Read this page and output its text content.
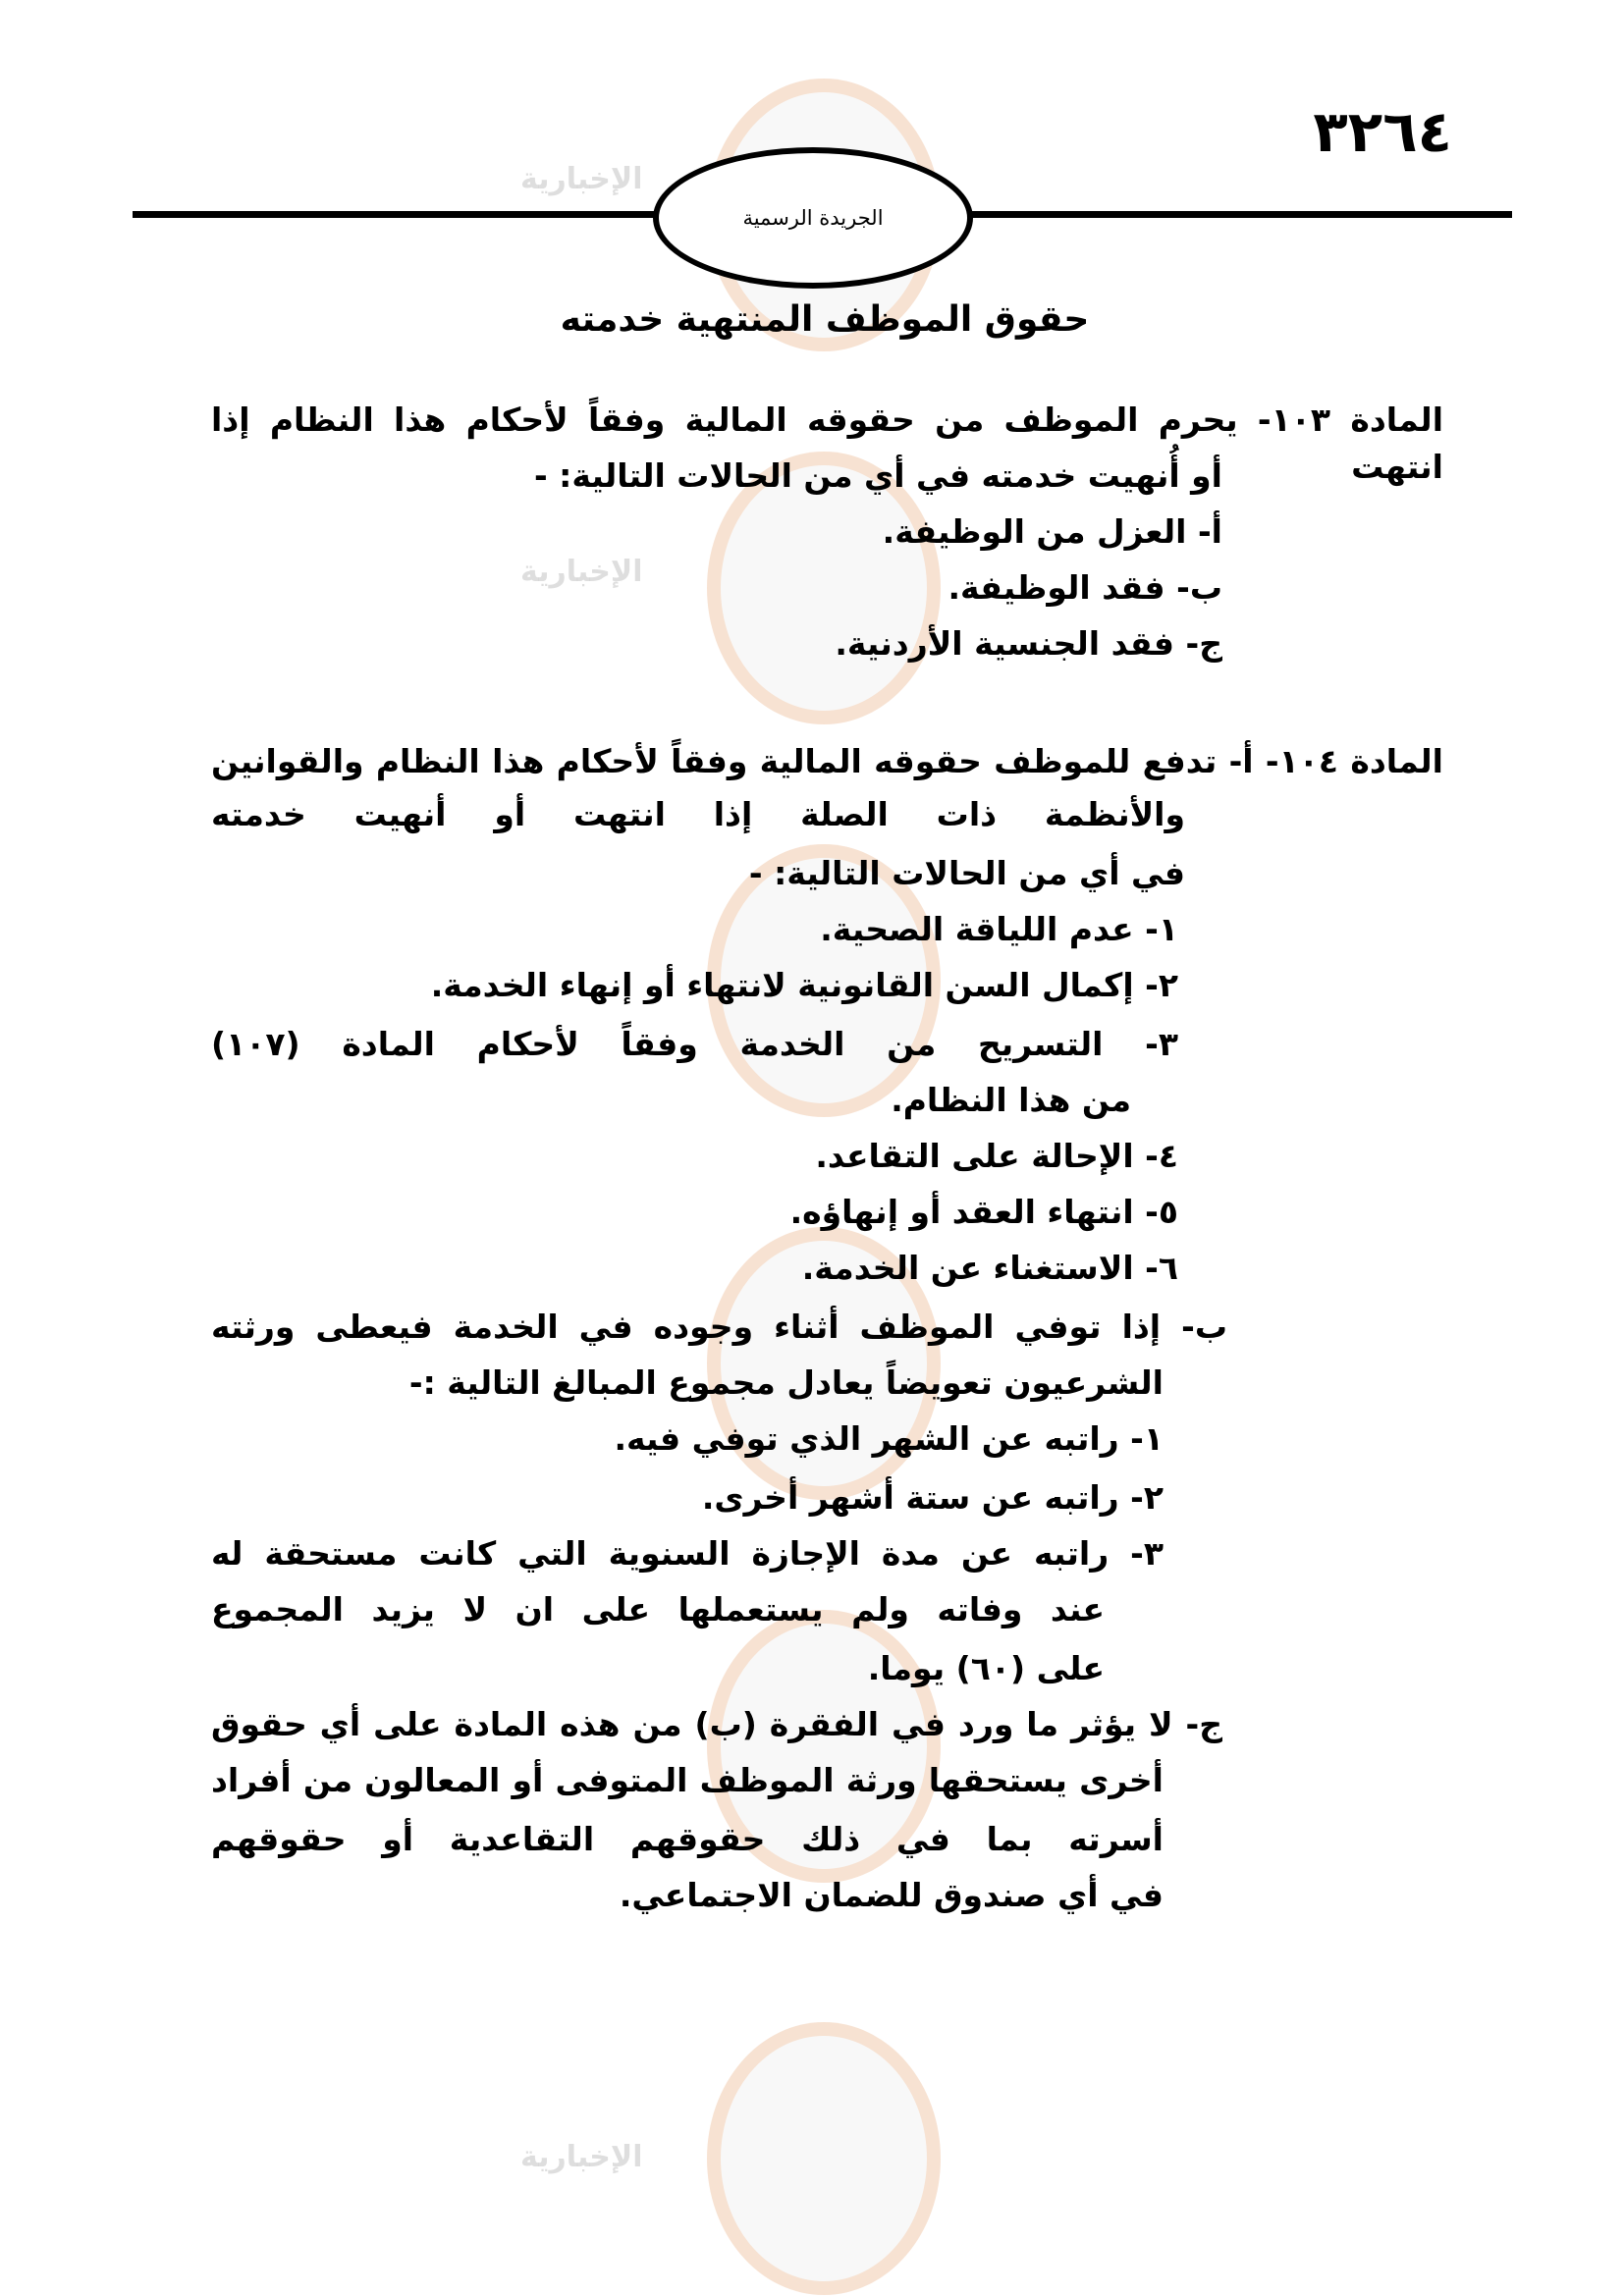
الإخبارية
الإخبارية
الإخبارية
٣٢٦٤
الجريدة الرسمية
حقوق الموظف المنتهية خدمته
المادة ١٠٣- يحرم الموظف من حقوقه المالية وفقاً لأحكام هذا النظام إذا انتهت
أو أُنهيت خدمته في أي من الحالات التالية: -
أ- العزل من الوظيفة.
ب- فقد الوظيفة.
ج- فقد الجنسية الأردنية.
المادة ١٠٤- أ- تدفع للموظف حقوقه المالية وفقاً لأحكام هذا النظام والقوانين
والأنظمة ذات الصلة إذا انتهت أو أنهيت خدمته
في أي من الحالات التالية: -
١- عدم اللياقة الصحية.
٢- إكمال السن القانونية لانتهاء أو إنهاء الخدمة.
٣- التسريح من الخدمة وفقاً لأحكام المادة (١٠٧)
من هذا النظام.
٤- الإحالة على التقاعد.
٥- انتهاء العقد أو إنهاؤه.
٦- الاستغناء عن الخدمة.
ب- إذا توفي الموظف أثناء وجوده في الخدمة فيعطى ورثته
الشرعيون تعويضاً يعادل مجموع المبالغ التالية :-
١- راتبه عن الشهر الذي توفي فيه.
٢- راتبه عن ستة أشهر أخرى.
٣- راتبه عن مدة الإجازة السنوية التي كانت مستحقة له
عند وفاته ولم يستعملها على ان لا يزيد المجموع
على (٦٠) يوما.
ج- لا يؤثر ما ورد في الفقرة (ب) من هذه المادة على أي حقوق
أخرى يستحقها ورثة الموظف المتوفى أو المعالون من أفراد
أسرته بما في ذلك حقوقهم التقاعدية أو حقوقهم
في أي صندوق للضمان الاجتماعي.
